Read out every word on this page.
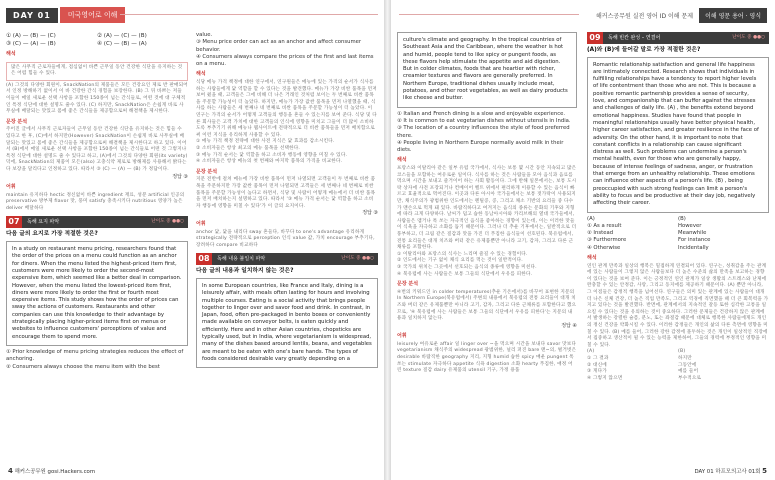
DAY 01	미국영어로 이해
① (A) — (B) — (C)	② (A) — (C) — (B)
③ (C) — (A) — (B)	④ (C) — (B) — (A)
해석
많은 사무직 근로자들에게, 점심없이 바쁜 근무일 동안 건강한 식단을 유지하는 것은 어렵 힘들 수 있다.
(A) 그것의 다양한 회원이, SnackNation의 제품들은 모든 건강요인 제로 반 판매되어서 인정 방해하기 없이서 이 바 건강한 간식 경험을 보장한다. (B) 그 뒤 바쁘는 저들 이들이 매일 새로운 선택 사항을 포함한 150종이 넘는 간식들로, 어떤 것에 대 구체적인 특정 식단에 대한 설명도 줄수 있다. (C) 하지만, SnackNation은 손쉽게 바로 사무실에 배달되는 맛있고 몸에 좋은 간식들을 제공함으로써 해결책을 제시한다.
문장 분석
주어진 글에서 사무직 근로자들이 근무일 동안 건강한 식단을 유지하는 것은 힘들 수 있다고 한 후, (C)에서 하지만(However) SnackNation이 손쉽게 바로 사무실에 배달되는 맛있고 몸에 좋은 간식들을 제공함으로써 해결책을 제시한다고 하고 있다. 이어서 (B)에서 매일 새로운 선택 사항을 포함한 150종이 넘는 간식들로 어떤 것 그렇지나 특정 식단에 대한 설명도 줄 수 있다고 하고, (A)에서 그것의 다양한 회원(its variety) 덕에, SnackNation의 제품이 모든(also) 고충식약 제로로 방해제를 사용해서 밝다는다 보장을 달리다고 인정하고 있다. 따라서 ③ (C) — (A) — (B) 가 정답이다.
정답 ③
어휘
maintain 유지하다 hectic 정신없이 바쁜 ingredient 재료, 성분 artificial 인공의 preservative 방부제 flavor 맛, 풍미 satisfy 충족시키다 nutritious 영양가 높은 deliver 배달하다
07	독해 요지 파악	난이도 중 ●●○
다음 글의 요지로 가장 적절한 것은?
In a study on restaurant menu pricing, researchers found that the order of the prices on a menu could function as an anchor for diners. When the menu listed the highest-priced item first, customers were more likely to order the second-most expensive item, which seemed like a better deal in comparison. However, when the menu listed the lowest-priced item first, diners were more likely to order the first or fourth most expensive items. This study shows how the order of prices can sway the actions of customers. Restaurants and other companies can use this knowledge to their advantage by strategically placing higher-priced items first on menus or websites to influence customers' perceptions of value and encourage them to spend more.
① Prior knowledge of menu pricing strategies reduces the effect of anchoring.
② Consumers always choose the menu item with the best
value.
③ Menu price order can act as an anchor and affect consumer behavior.
④ Consumers always compare the prices of the first and last items on a menu.
해석
식당 메뉴 가격 책정에 대한 연구에서, 연구원들은 메뉴에 있는 가격의 순서가 식사를 하는 사람들에게 닻 역할을 할 수 있다는 것을 발견했다. 메뉴가 가장 비싼 품목을 먼저 보여 줬을 때, 고객들은 그에 비해 더 나은 거래인 것처럼 보이는 두 번째로 비싼 품목을 주문할 가능성이 더 높았다. 하지만, 메뉴가 가장 값싼 품목을 먼저 나열했을 때, 식사를 하는 사람들은 세 번째나 네 번째로 비싼 품목을 주문할 가능성이 더 높았다. 이 연구는 가격의 순서가 어떻게 고객들의 행동을 흔들 수 있는지를 보여 준다. 식당 및 다른 회사들은 고객 가치에 대한 고객들의 인식에 영향을 미치고 그들이 더 많이 소비하도록 부추기기 위해 메뉴나 웹사이트에 전략적으로 더 비싼 품목들을 먼저 배치함으로써 이런 지식을 유리하게 사용할 수 있다.
① 메뉴 가격 책정 전략에 대한 사전 지식은 닻 효과를 감소시킨다.
② 소비자들은 항상 최고의 메뉴 품목을 선택한다.
③ 메뉴 가격 순서는 닻 역할을 하고 소비자 행동에 영향을 미칠 수 있다.
④ 소비자들은 항상 메뉴의 첫 번째와 마지막 품목의 가격을 비교한다.
문장 분석
지문 전반에 걸쳐 메뉴에 가장 비싼 품목이 먼저 나열되면 고객들이 두 번째로 비싼 품목을 주문하지만 가장 값싼 품목이 먼저 나열되면 고객들은 세 번째나 네 번째로 비싼 품목을 주문할 가능성이 높다고 하면서, 식당 및 사람이 어떻게 메뉴에서 더 비싼 품목을 먼저 배치하는지 설명하고 있다. 따라서 '③ 메뉴 가격 순서는 닻 역할을 하고 소비자 행동에 영향을 미칠 수 있다'가 이 글의 요지이다.
정답 ③
어휘
anchor 닻, 닻을 내리다 sway 흔들다, 바꾸다 to one's advantage 유리하게 strategically 전략적으로 perception 인식 value 값, 가치 encourage 부추기다, 장려하다 compare 비교하다
08	독해 내용 불일치 파악	난이도 중 ●●○
다음 글의 내용과 일치하지 않는 것은?
In some European countries, like France and Italy, dining is a leisurely affair, with meals often lasting for hours and involving multiple courses. Eating is a social activity that brings people together to linger over and savor food and drink. In contrast, in Japan, food, often pre-packaged in bento boxes or conveniently made available on conveyor belts, is eaten quickly and efficiently. Here and in other Asian countries, chopsticks are typically used, but in India, where vegetarianism is widespread, many of the dishes based around lentils, beans, and vegetables are meant to be eaten with one's bare hands. The types of foods considered desirable vary greatly depending on a
4 해커스공무원 gosi.Hackers.com
해커스공무원 실전 영어 ID 이해 문제	이해 영문 용어 · 영식
culture's climate and geography. In the tropical countries of Southeast Asia and the Caribbean, where the weather is hot and humid, people tend to like spicy or pungent foods, as these flavors help stimulate the appetite and aid digestion. But in colder climates, foods that are heartier with richer, creamier textures and flavors are generally preferred. In Northern Europe, traditional dishes usually include meat, potatoes, and other root vegetables, as well as dairy products like cheese and butter.
① Italian and French dining is a slow and enjoyable experience.
② It is common to eat vegetarian dishes without utensils in India.
③ The location of a country influences the style of food preferred there.
④ People living in Northern Europe normally avoid milk in their diets.
해석
프랑스와 이탈리아 같은 일부 유럽 국가에서, 식사는 보통 몇 시간 동안 지속되고 많은 코스들을 포함하는 여유로운 일이다. 식사를 하는 것은 사람들을 모아 음식과 음료를 먹으며 시간을 보내고 즐거이어 하는 사회 활동이다. 그에 반해 일본에서는, 보통 도시락 상자에 사전 포장되거나 컨베이어 벨트 위에서 편리하게 이용할 수 있는 음식이 빠르고 효율적으로 먹어진다. 이곳과 다른 아시아 국가들에서는 보통 젓가락이 사용되지만, 채식주의가 광범위한 인도에서는 렌틸콩, 콩, 그리고 채소 기반의 요리들 중 다수가 맨손으로 먹게 돼 있다. 바람직하다고 여겨지는 음식의 종류는 문화의 기후와 지형에 따라 크게 다양하다. 날씨가 덥고 습한 동남아시아와 카리브해의 열대 국가들에서, 사람들은 맵거나 톡 쏘는 자극적인 음식을 좋아하는 경향이 있는데, 이는 이러한 맛들이 식욕을 자극하고 소화를 돕기 때문이다. 그러나 더 추운 기후에서는, 일반적으로 더 풍부하고, 더 크림 같은 질감과 맛을 가진 더 푸짐한 음식들이 선호된다. 북유럽에서, 전통 요리들은 대개 치즈와 버터 같은 유제품뿐만 아니라 고기, 감자, 그리고 다른 근채류를 포함한다.
① 이탈리아와 프랑스의 식사는 느리며 즐길 수 있는 경험이다.
② 인도에서는 기구 없이 채식 요리를 먹는 것이 일반적이다.
③ 국가의 위치는 그곳에서 선호되는 음식의 종류에 영향을 미친다.
④ 북유럽에 사는 사람들은 보통 그들의 식단에서 우유를 피한다.
문장 분석
④번의 키워드인 in colder temperatures(추운 기온에서)를 바꾸어 표현한 지문의 In Northern Europe(북유럽에서) 주변의 내용에서 북유럽의 전통 요리들이 대개 치즈와 버터 같은 유제품뿐만 아니라 고기, 감자, 그리고 다른 근채류를 포함한다고 했으므로, '④ 북유럽에 사는 사람들은 보통 그들의 식단에서 우유를 피한다'는 지문의 내용과 일치하지 않는다.
정답 ④
어휘
leisurely 여유로운 affair 일 linger over ~을 먹으며 시간을 보내다 savor 맛보다 vegetarianism 채식주의 widespread 광범위한, 널리 퍼진 bare 맨~의, 벌거벗은 desirable 바람직한 geography 지리, 지형 humid 습한 spicy 매운 pungent 톡 쏘는 stimulate 자극하다 appetite 식욕 digestion 소화 hearty 푸짐한, 애정 어린 texture 질감 dairy 유제품의 utensil 기구, 가정 용품
09	독해 빈칸 완성 – 연결어	난이도 중 ●●○
(A)와 (B)에 들어갈 말로 가장 적절한 것은?
Romantic relationship satisfaction and general life happiness are intimately connected. Research shows that individuals in fulfilling relationships have a tendency to report higher levels of life contentment than those who are not. This is because a positive romantic partnership provides a sense of security, love, and companionship that can buffer against the stresses and challenges of daily life. (A) , the benefits extend beyond emotional happiness. Studies have found that people in meaningful relationships usually have better physical health, higher career satisfaction, and greater resilience in the face of adversity. On the other hand, it is important to note that constant conflicts in a relationship can cause significant distress as well. Such problems can undermine a person's mental health, even for those who are generally happy, because of intense feelings of sadness, anger, or frustration that emerge from an unhealthy relationship. These emotions can influence other aspects of a person's life. (B) , being preoccupied with such strong feelings can limit a person's ability to focus and be productive at their day job, negatively affecting their career.
(A)	(B)
① As a result	However
② Instead	Meanwhile
③ Furthermore	For instance
④ Otherwise	Incidentally
해석
연인 관계 만족과 일상의 행복은 밀접하게 연결되어 있다. 연구는, 성취감을 주는 관계에 있는 사람들이 그렇지 않은 사람들보다 더 높은 수준의 삶의 만족을 보고하는 경향이 있다는 것을 보여 준다. 이는 긍정적인 연인 관계가 일상 생활의 스트레스와 난제에 완충할 수 있는 안정감, 사랑, 그리고 동지애를 제공하기 때문이다. (A) 뿐만 아니라, 그 이점들은 감정적 행복을 넘어선다. 연구들은 의미 있는 관계에 있는 사람들이 대개 더 나은 신체 건강, 더 높은 직업 만족도, 그리고 역경에 직면했을 때 더 큰 회복력을 가지고 있다는 것을 발견했다. 반면에, 관계에서의 지속적인 갈등 또한 심각한 고통을 일으킬 수 있다는 것을 유의하는 것이 중요하다. 그러한 문제들은 건강하지 않은 관계에서 발생하는 강렬한 슬픔, 분노, 또는 좌절감 때문에 대체로 행복한 사람들에게도 개인의 정신 건강을 약화시킬 수 있다. 이러한 감정들은 개인의 삶의 다른 측면에 영향을 미칠 수 있다. (B) 예를 들어, 그러한 강한 감정에 몰두하는 것은 개인이 일상적인 직장에서 집중하고 생산적이 될 수 있는 능력을 제한하여, 그들의 경력에 부정적인 영향을 미칠 수 있다.
(A)	(B)
① 그 결과	하지만
② 대신에	그동안에
③ 게다가	예를 들어
④ 그렇지 않으면	부수적으로
DAY 01 하프모의고사 01회 5
